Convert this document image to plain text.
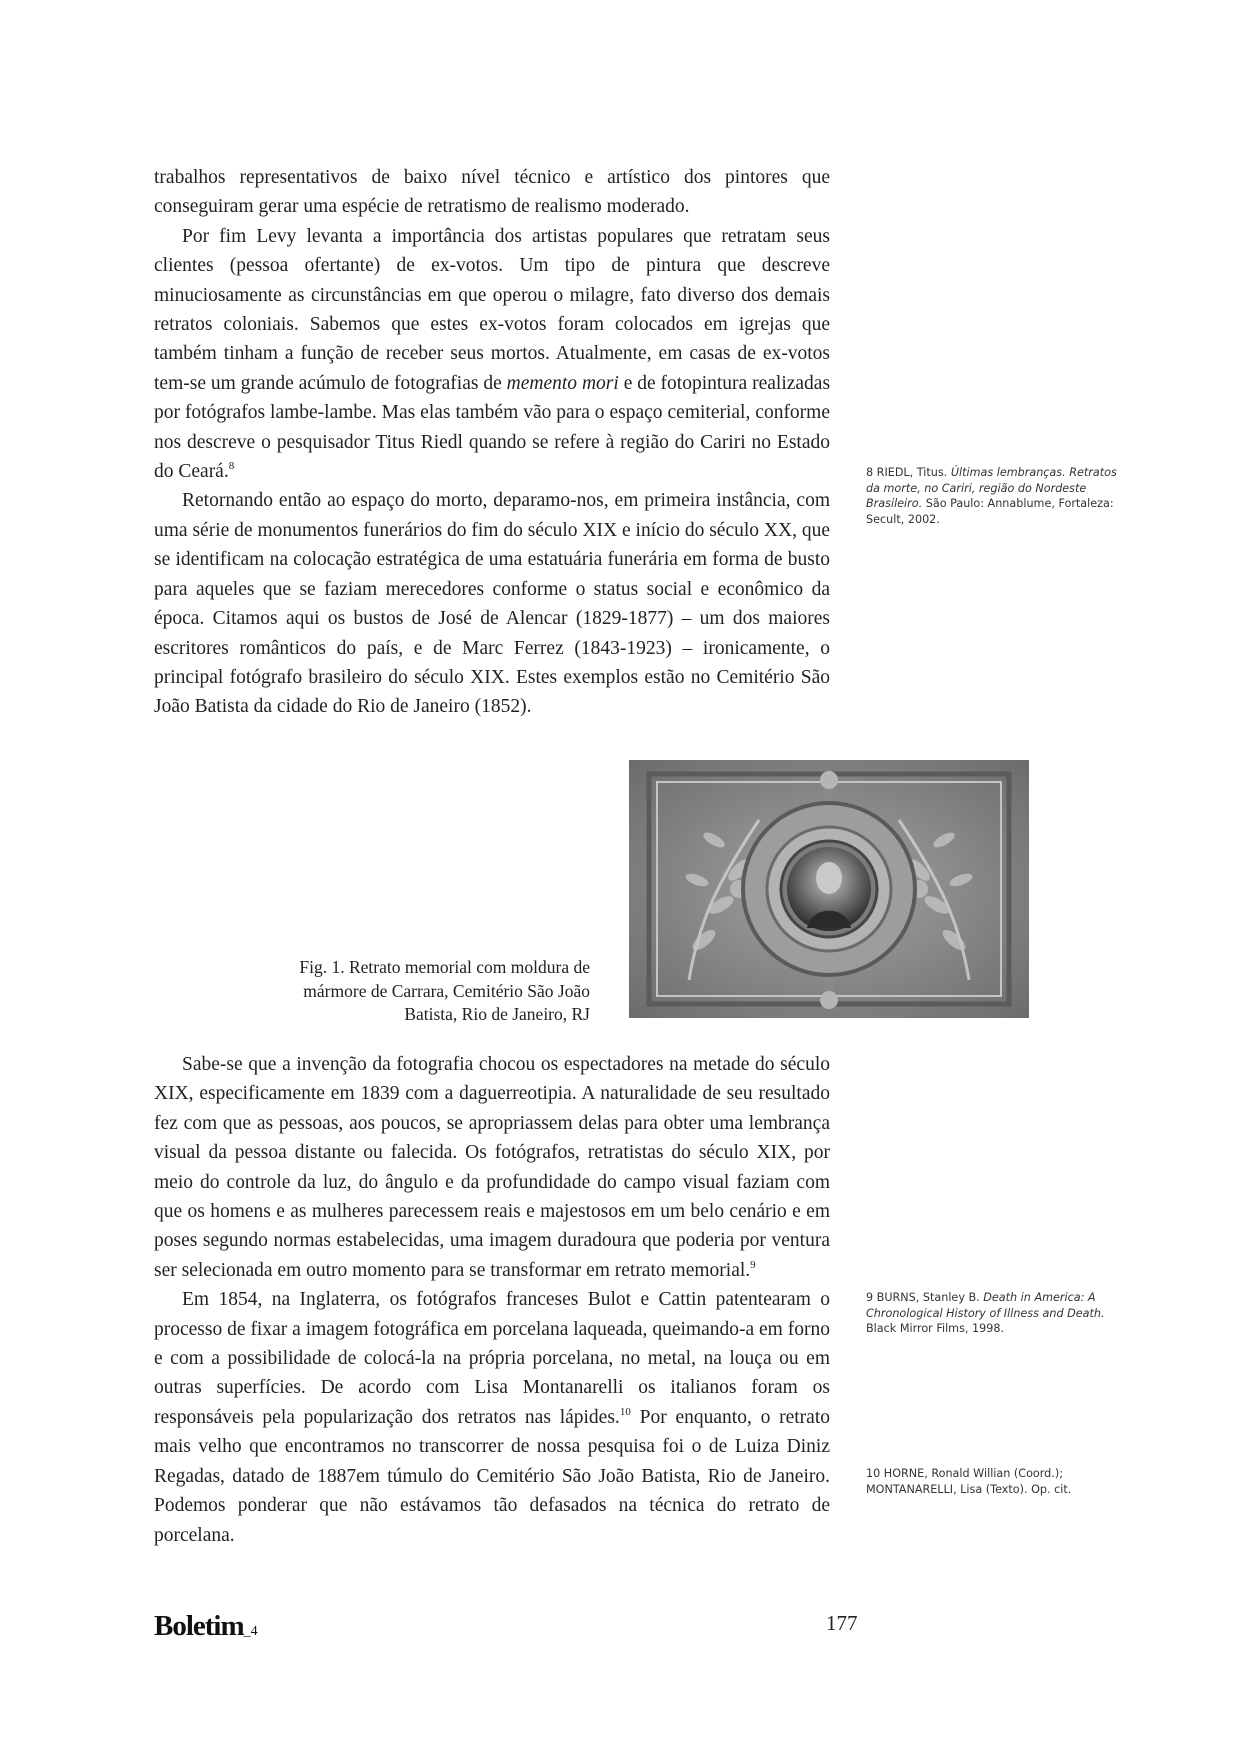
trabalhos representativos de baixo nível técnico e artístico dos pintores que conseguiram gerar uma espécie de retratismo de realismo moderado.

Por fim Levy levanta a importância dos artistas populares que retratam seus clientes (pessoa ofertante) de ex-votos. Um tipo de pintura que descreve minuciosamente as circunstâncias em que operou o milagre, fato diverso dos demais retratos coloniais. Sabemos que estes ex-votos foram colocados em igrejas que também tinham a função de receber seus mortos. Atualmente, em casas de ex-votos tem-se um grande acúmulo de fotografias de memento mori e de fotopintura realizadas por fotógrafos lambe-lambe. Mas elas também vão para o espaço cemiterial, conforme nos descreve o pesquisador Titus Riedl quando se refere à região do Cariri no Estado do Ceará.$^8$

Retornando então ao espaço do morto, deparamo-nos, em primeira instância, com uma série de monumentos funerários do fim do século XIX e início do século XX, que se identificam na colocação estratégica de uma estatuária funerária em forma de busto para aqueles que se faziam merecedores conforme o status social e econômico da época. Citamos aqui os bustos de José de Alencar (1829-1877) – um dos maiores escritores românticos do país, e de Marc Ferrez (1843-1923) – ironicamente, o principal fotógrafo brasileiro do século XIX. Estes exemplos estão no Cemitério São João Batista da cidade do Rio de Janeiro (1852).

Fig. 1. Retrato memorial com moldura de mármore de Carrara, Cemitério São João Batista, Rio de Janeiro, RJ

Sabe-se que a invenção da fotografia chocou os espectadores na metade do século XIX, especificamente em 1839 com a daguerreotipia. A naturalidade de seu resultado fez com que as pessoas, aos poucos, se apropriassem delas para obter uma lembrança visual da pessoa distante ou falecida. Os fotógrafos, retratistas do século XIX, por meio do controle da luz, do ângulo e da profundidade do campo visual faziam com que os homens e as mulheres parecessem reais e majestosos em um belo cenário e em poses segundo normas estabelecidas, uma imagem duradoura que poderia por ventura ser selecionada em outro momento para se transformar em retrato memorial.$^9$

Em 1854, na Inglaterra, os fotógrafos franceses Bulot e Cattin patentearam o processo de fixar a imagem fotográfica em porcelana laqueada, queimando-a em forno e com a possibilidade de colocá-la na própria porcelana, no metal, na louça ou em outras superfícies. De acordo com Lisa Montanarelli os italianos foram os responsáveis pela popularização dos retratos nas lápides.$^{10}$ Por enquanto, o retrato mais velho que encontramos no transcorrer de nossa pesquisa foi o de Luiza Diniz Regadas, datado de 1887em túmulo do Cemitério São João Batista, Rio de Janeiro. Podemos ponderar que não estávamos tão defasados na técnica do retrato de porcelana.

8 RIEDL, Titus. Últimas lembranças. Retratos da morte, no Cariri, região do Nordeste Brasileiro. São Paulo: Annablume, Fortaleza: Secult, 2002.
9 BURNS, Stanley B. Death in America: A Chronological History of Illness and Death. Black Mirror Films, 1998.
10 HORNE, Ronald Willian (Coord.); MONTANARELLI, Lisa (Texto). Op. cit.
Boletim_4	177
